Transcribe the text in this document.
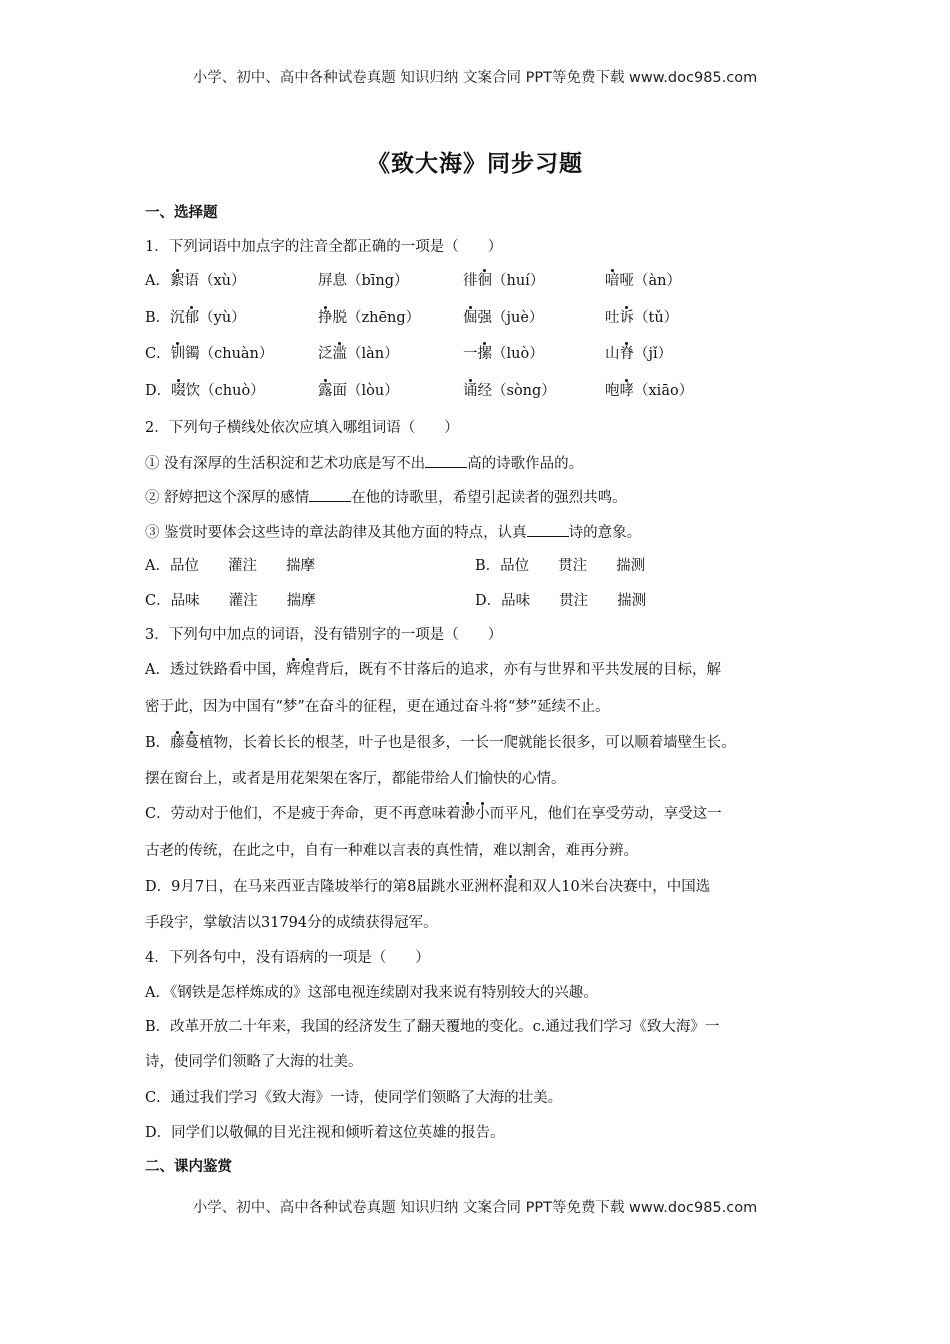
小学、初中、高中各种试卷真题 知识归纳 文案合同 PPT等免费下载 www.doc985.com
《致大海》同步习题
一、选择题
1．下列词语中加点字的注音全都正确的一项是（　　）
A．絮语（xù）	屏息（bīng）	徘徊（huí）	喑哑（àn）
B．沉郁（yù）	挣脱（zhēng）	倔强（juè）	吐诉（tǔ）
C．钏镯（chuàn）	泛滥（làn）	一摞（luò）	山脊（jǐ）
D．啜饮（chuò）	露面（lòu）	诵经（sòng）	咆哮（xiāo）
2．下列句子横线处依次应填入哪组词语（　　）
① 没有深厚的生活积淀和艺术功底是写不出	高的诗歌作品的。
② 舒婷把这个深厚的感情	在他的诗歌里，希望引起读者的强烈共鸣。
③ 鉴赏时要体会这些诗的章法韵律及其他方面的特点，认真	诗的意象。
A．品位　　灌注　　揣摩	B．品位　　贯注　　揣测
C．品味　　灌注　　揣摩	D．品味　　贯注　　揣测
3．下列句中加点的词语，没有错别字的一项是（　　）
A．透过铁路看中国，辉煌背后，既有不甘落后的追求，亦有与世界和平共发展的目标，解
密于此，因为中国有“梦”在奋斗的征程，更在通过奋斗将“梦”延续不止。
B．藤蔓植物，长着长长的根茎，叶子也是很多，一长一爬就能长很多，可以顺着墙壁生长。
摆在窗台上，或者是用花架架在客厅，都能带给人们愉快的心情。
C．劳动对于他们，不是疲于奔命，更不再意味着渺小而平凡，他们在享受劳动，享受这一
古老的传统，在此之中，自有一种难以言表的真性情，难以割舍，难再分辨。
D．9月7日，在马来西亚吉隆坡举行的第8届跳水亚洲杯混和双人10米台决赛中，中国选
手段宇，掌敏洁以31794分的成绩获得冠军。
4．下列各句中，没有语病的一项是（　　）
A．《钢铁是怎样炼成的》这部电视连续剧对我来说有特别较大的兴趣。
B．改革开放二十年来，我国的经济发生了翻天覆地的变化。c.通过我们学习《致大海》一
诗，使同学们领略了大海的壮美。
C．通过我们学习《致大海》一诗，使同学们领略了大海的壮美。
D．同学们以敬佩的目光注视和倾听着这位英雄的报告。
二、课内鉴赏
小学、初中、高中各种试卷真题 知识归纳 文案合同 PPT等免费下载 www.doc985.com
